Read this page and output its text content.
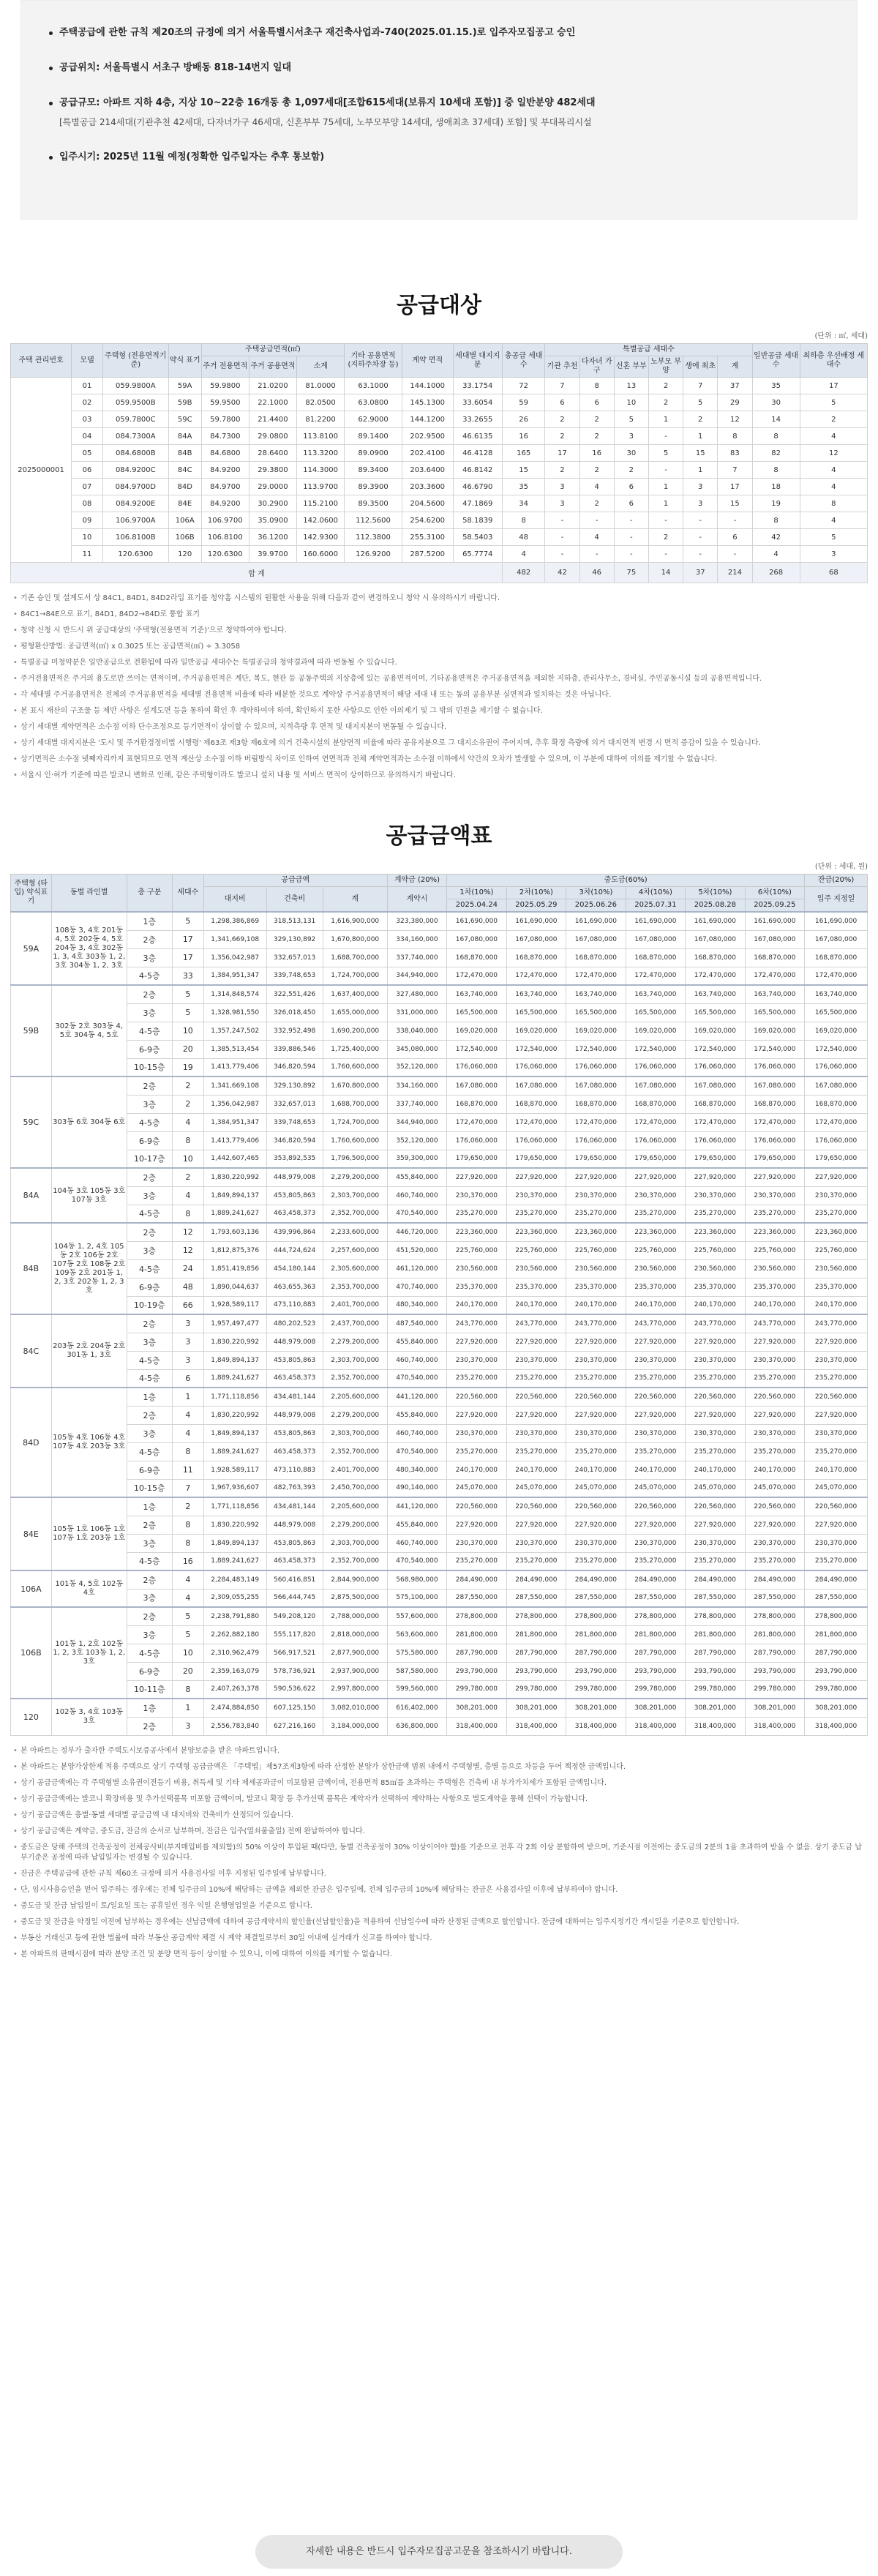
주택공급에 관한 규칙 제20조의 규정에 의거 서울특별시서초구 재건축사업과-740(2025.01.15.)로 입주자모집공고 승인
공급위치: 서울특별시 서초구 방배동 818-14번지 일대
공급규모: 아파트 지하 4층, 지상 10~22층 16개동 총 1,097세대[조합615세대(보류지 10세대 포함)] 중 일반분양 482세대
[특별공급 214세대(기관추천 42세대, 다자녀가구 46세대, 신혼부부 75세대, 노부모부양 14세대, 생애최초 37세대) 포함] 및 부대복리시설
입주시기: 2025년 11월 예정(정확한 입주일자는 추후 통보함)
공급대상
(단위 : ㎡, 세대)
주택 관리번호	모델	주택형 (전용면적기준)	약식 표기	주택공급면적(㎡)			기타 공용면적 (지하주차장 등)	계약 면적	세대별 대지지분	총공급 세대수	특별공급 세대수						일반공급 세대수	최하층 우선배정 세대수
				주거 전용면적	주거 공용면적	소계					기관 추천	다자녀 가구	신혼 부부	노부모 부양	생애 최초	계		
2025000001	01	059.9800A	59A	59.9800	21.0200	81.0000	63.1000	144.1000	33.1754	72	7	8	13	2	7	37	35	17
	02	059.9500B	59B	59.9500	22.1000	82.0500	63.0800	145.1300	33.6054	59	6	6	10	2	5	29	30	5
	03	059.7800C	59C	59.7800	21.4400	81.2200	62.9000	144.1200	33.2655	26	2	2	5	1	2	12	14	2
	04	084.7300A	84A	84.7300	29.0800	113.8100	89.1400	202.9500	46.6135	16	2	2	3	-	1	8	8	4
	05	084.6800B	84B	84.6800	28.6400	113.3200	89.0900	202.4100	46.4128	165	17	16	30	5	15	83	82	12
	06	084.9200C	84C	84.9200	29.3800	114.3000	89.3400	203.6400	46.8142	15	2	2	2	-	1	7	8	4
	07	084.9700D	84D	84.9700	29.0000	113.9700	89.3900	203.3600	46.6790	35	3	4	6	1	3	17	18	4
	08	084.9200E	84E	84.9200	30.2900	115.2100	89.3500	204.5600	47.1869	34	3	2	6	1	3	15	19	8
	09	106.9700A	106A	106.9700	35.0900	142.0600	112.5600	254.6200	58.1839	8	-	-	-	-	-	-	8	4
	10	106.8100B	106B	106.8100	36.1200	142.9300	112.3800	255.3100	58.5403	48	-	4	-	2	-	6	42	5
	11	120.6300	120	120.6300	39.9700	160.6000	126.9200	287.5200	65.7774	4	-	-	-	-	-	-	4	3
합 계										482	42	46	75	14	37	214	268	68
• 기존 승인 및 설계도서 상 84C1, 84D1, 84D2라입 표기를 청약홈 시스템의 원활한 사용을 위해 다음과 같이 변경하오니 청약 시 유의하시기 바랍니다.
• 84C1→84E으로 표기, 84D1, 84D2→84D로 통합 표기
• 청약 신청 시 반드시 위 공급대상의 '주택형(전용면적 기준)'으로 청약하여야 합니다.
• 평형환산방법: 공급면적(㎡) x 0.3025 또는 공급면적(㎡) ÷ 3.3058
• 특별공급 미청약분은 일반공급으로 전환됨에 따라 일반공급 세대수는 특별공급의 청약결과에 따라 변동될 수 있습니다.
• 주거전용면적은 주거의 용도로만 쓰이는 면적이며, 주거공용면적은 계단, 복도, 현관 등 공동주택의 지상층에 있는 공용면적이며, 기타공용면적은 주거공용면적을 제외한 지하층, 관리사무소, 경비실, 주민공동시설 등의 공용면적입니다.
• 각 세대별 주거공용면적은 전체의 주거공용면적을 세대별 전용면적 비율에 따라 배분한 것으로 계약상 주거공용면적이 해당 세대 내 또는 동의 공용부분 실면적과 일치하는 것은 아닙니다.
• 본 표시 재산의 구조물 등 제반 사항은 설계도면 등을 통하여 확인 후 계약하여야 하며, 확인하지 못한 사항으로 인한 이의제기 및 그 밖의 민원을 제기할 수 없습니다.
• 상기 세대별 계약면적은 소수점 이하 단수조정으로 등기면적이 상이할 수 있으며, 지적측량 후 면적 및 대지지분이 변동될 수 있습니다.
• 상기 세대별 대지지분은 '도시 및 주거환경정비법 시행령' 제63조 제3항 제6호에 의거 건축시설의 분양면적 비율에 따라 공유지분으로 그 대지소유권이 주어지며, 추후 확정 측량에 의거 대지면적 변경 시 면적 증감이 있을 수 있습니다.
• 상기면적은 소수점 넷째자리까지 표현되므로 면적 계산상 소수점 이하 버림방식 차이로 인하여 연면적과 전체 계약면적과는 소수점 이하에서 약간의 오차가 발생할 수 있으며, 이 부분에 대하여 이의를 제기할 수 없습니다.
• 서울시 인·허가 기준에 따른 발코니 변화로 인해, 같은 주택형이라도 발코니 설치 내용 및 서비스 면적이 상이하므로 유의하시기 바랍니다.
공급금액표
(단위 : 세대, 원)
주택형 (타입) 약식표기	동별 라인별	층 구분	세대수	공급금액			계약금 (20%)	중도금(60%)						잔금(20%)
				대지비	건축비	계	계약시	1차(10%)	2차(10%)	3차(10%)	4차(10%)	5차(10%)	6차(10%)	입주 지정일
								2025.04.24	2025.05.29	2025.06.26	2025.07.31	2025.08.28	2025.09.25	
59A	108동 3, 4호 201동 4, 5호 202동 4, 5호 204동 3, 4호 302동 1, 3, 4호 303동 1, 2, 3호 304동 1, 2, 3호	1층	5	1,298,386,869	318,513,131	1,616,900,000	323,380,000	161,690,000	161,690,000	161,690,000	161,690,000	161,690,000	161,690,000	161,690,000
		2층	17	1,341,669,108	329,130,892	1,670,800,000	334,160,000	167,080,000	167,080,000	167,080,000	167,080,000	167,080,000	167,080,000	167,080,000
		3층	17	1,356,042,987	332,657,013	1,688,700,000	337,740,000	168,870,000	168,870,000	168,870,000	168,870,000	168,870,000	168,870,000	168,870,000
		4-5층	33	1,384,951,347	339,748,653	1,724,700,000	344,940,000	172,470,000	172,470,000	172,470,000	172,470,000	172,470,000	172,470,000	172,470,000
59B	302동 2호 303동 4, 5호 304동 4, 5호	2층	5	1,314,848,574	322,551,426	1,637,400,000	327,480,000	163,740,000	163,740,000	163,740,000	163,740,000	163,740,000	163,740,000	163,740,000
		3층	5	1,328,981,550	326,018,450	1,655,000,000	331,000,000	165,500,000	165,500,000	165,500,000	165,500,000	165,500,000	165,500,000	165,500,000
		4-5층	10	1,357,247,502	332,952,498	1,690,200,000	338,040,000	169,020,000	169,020,000	169,020,000	169,020,000	169,020,000	169,020,000	169,020,000
		6-9층	20	1,385,513,454	339,886,546	1,725,400,000	345,080,000	172,540,000	172,540,000	172,540,000	172,540,000	172,540,000	172,540,000	172,540,000
		10-15층	19	1,413,779,406	346,820,594	1,760,600,000	352,120,000	176,060,000	176,060,000	176,060,000	176,060,000	176,060,000	176,060,000	176,060,000
59C	303동 6호 304동 6호	2층	2	1,341,669,108	329,130,892	1,670,800,000	334,160,000	167,080,000	167,080,000	167,080,000	167,080,000	167,080,000	167,080,000	167,080,000
		3층	2	1,356,042,987	332,657,013	1,688,700,000	337,740,000	168,870,000	168,870,000	168,870,000	168,870,000	168,870,000	168,870,000	168,870,000
		4-5층	4	1,384,951,347	339,748,653	1,724,700,000	344,940,000	172,470,000	172,470,000	172,470,000	172,470,000	172,470,000	172,470,000	172,470,000
		6-9층	8	1,413,779,406	346,820,594	1,760,600,000	352,120,000	176,060,000	176,060,000	176,060,000	176,060,000	176,060,000	176,060,000	176,060,000
		10-17층	10	1,442,607,465	353,892,535	1,796,500,000	359,300,000	179,650,000	179,650,000	179,650,000	179,650,000	179,650,000	179,650,000	179,650,000
84A	104동 3호 105동 3호 107동 3호	2층	2	1,830,220,992	448,979,008	2,279,200,000	455,840,000	227,920,000	227,920,000	227,920,000	227,920,000	227,920,000	227,920,000	227,920,000
		3층	4	1,849,894,137	453,805,863	2,303,700,000	460,740,000	230,370,000	230,370,000	230,370,000	230,370,000	230,370,000	230,370,000	230,370,000
		4-5층	8	1,889,241,627	463,458,373	2,352,700,000	470,540,000	235,270,000	235,270,000	235,270,000	235,270,000	235,270,000	235,270,000	235,270,000
84B	104동 1, 2, 4호 105동 2호 106동 2호 107동 2호 108동 2호 109동 2호 201동 1, 2, 3호 202동 1, 2, 3호	2층	12	1,793,603,136	439,996,864	2,233,600,000	446,720,000	223,360,000	223,360,000	223,360,000	223,360,000	223,360,000	223,360,000	223,360,000
		3층	12	1,812,875,376	444,724,624	2,257,600,000	451,520,000	225,760,000	225,760,000	225,760,000	225,760,000	225,760,000	225,760,000	225,760,000
		4-5층	24	1,851,419,856	454,180,144	2,305,600,000	461,120,000	230,560,000	230,560,000	230,560,000	230,560,000	230,560,000	230,560,000	230,560,000
		6-9층	48	1,890,044,637	463,655,363	2,353,700,000	470,740,000	235,370,000	235,370,000	235,370,000	235,370,000	235,370,000	235,370,000	235,370,000
		10-19층	66	1,928,589,117	473,110,883	2,401,700,000	480,340,000	240,170,000	240,170,000	240,170,000	240,170,000	240,170,000	240,170,000	240,170,000
84C	203동 2호 204동 2호 301동 1, 3호	2층	3	1,957,497,477	480,202,523	2,437,700,000	487,540,000	243,770,000	243,770,000	243,770,000	243,770,000	243,770,000	243,770,000	243,770,000
		3층	3	1,830,220,992	448,979,008	2,279,200,000	455,840,000	227,920,000	227,920,000	227,920,000	227,920,000	227,920,000	227,920,000	227,920,000
		4-5층	3	1,849,894,137	453,805,863	2,303,700,000	460,740,000	230,370,000	230,370,000	230,370,000	230,370,000	230,370,000	230,370,000	230,370,000
		4-5층	6	1,889,241,627	463,458,373	2,352,700,000	470,540,000	235,270,000	235,270,000	235,270,000	235,270,000	235,270,000	235,270,000	235,270,000
84D	105동 4호 106동 4호 107동 4호 203동 3호	1층	1	1,771,118,856	434,481,144	2,205,600,000	441,120,000	220,560,000	220,560,000	220,560,000	220,560,000	220,560,000	220,560,000	220,560,000
		2층	4	1,830,220,992	448,979,008	2,279,200,000	455,840,000	227,920,000	227,920,000	227,920,000	227,920,000	227,920,000	227,920,000	227,920,000
		3층	4	1,849,894,137	453,805,863	2,303,700,000	460,740,000	230,370,000	230,370,000	230,370,000	230,370,000	230,370,000	230,370,000	230,370,000
		4-5층	8	1,889,241,627	463,458,373	2,352,700,000	470,540,000	235,270,000	235,270,000	235,270,000	235,270,000	235,270,000	235,270,000	235,270,000
		6-9층	11	1,928,589,117	473,110,883	2,401,700,000	480,340,000	240,170,000	240,170,000	240,170,000	240,170,000	240,170,000	240,170,000	240,170,000
		10-15층	7	1,967,936,607	482,763,393	2,450,700,000	490,140,000	245,070,000	245,070,000	245,070,000	245,070,000	245,070,000	245,070,000	245,070,000
84E	105동 1호 106동 1호 107동 1호 203동 1호	1층	2	1,771,118,856	434,481,144	2,205,600,000	441,120,000	220,560,000	220,560,000	220,560,000	220,560,000	220,560,000	220,560,000	220,560,000
		2층	8	1,830,220,992	448,979,008	2,279,200,000	455,840,000	227,920,000	227,920,000	227,920,000	227,920,000	227,920,000	227,920,000	227,920,000
		3층	8	1,849,894,137	453,805,863	2,303,700,000	460,740,000	230,370,000	230,370,000	230,370,000	230,370,000	230,370,000	230,370,000	230,370,000
		4-5층	16	1,889,241,627	463,458,373	2,352,700,000	470,540,000	235,270,000	235,270,000	235,270,000	235,270,000	235,270,000	235,270,000	235,270,000
106A	101동 4, 5호 102동 4호	2층	4	2,284,483,149	560,416,851	2,844,900,000	568,980,000	284,490,000	284,490,000	284,490,000	284,490,000	284,490,000	284,490,000	284,490,000
		3층	4	2,309,055,255	566,444,745	2,875,500,000	575,100,000	287,550,000	287,550,000	287,550,000	287,550,000	287,550,000	287,550,000	287,550,000
106B	101동 1, 2호 102동 1, 2, 3호 103동 1, 2, 3호	2층	5	2,238,791,880	549,208,120	2,788,000,000	557,600,000	278,800,000	278,800,000	278,800,000	278,800,000	278,800,000	278,800,000	278,800,000
		3층	5	2,262,882,180	555,117,820	2,818,000,000	563,600,000	281,800,000	281,800,000	281,800,000	281,800,000	281,800,000	281,800,000	281,800,000
		4-5층	10	2,310,962,479	566,917,521	2,877,900,000	575,580,000	287,790,000	287,790,000	287,790,000	287,790,000	287,790,000	287,790,000	287,790,000
		6-9층	20	2,359,163,079	578,736,921	2,937,900,000	587,580,000	293,790,000	293,790,000	293,790,000	293,790,000	293,790,000	293,790,000	293,790,000
		10-11층	8	2,407,263,378	590,536,622	2,997,800,000	599,560,000	299,780,000	299,780,000	299,780,000	299,780,000	299,780,000	299,780,000	299,780,000
120	102동 3, 4호 103동 3호	1층	1	2,474,884,850	607,125,150	3,082,010,000	616,402,000	308,201,000	308,201,000	308,201,000	308,201,000	308,201,000	308,201,000	308,201,000
		2층	3	2,556,783,840	627,216,160	3,184,000,000	636,800,000	318,400,000	318,400,000	318,400,000	318,400,000	318,400,000	318,400,000	318,400,000
• 본 아파트는 정부가 출자한 주택도시보증공사에서 분양보증을 받은 아파트입니다.
• 본 아파트는 분양가상한제 적용 주택으로 상기 주택형 공급금액은 「주택법」제57조제3항에 따라 산정한 분양가 상한금액 범위 내에서 주택형별, 층별 등으로 차등을 두어 책정한 금액입니다.
• 상기 공급금액에는 각 주택형별 소유권이전등기 비용, 취득세 및 기타 제세공과금이 미포함된 금액이며, 전용면적 85㎡를 초과하는 주택형은 건축비 내 부가가치세가 포함된 금액입니다.
• 상기 공급금액에는 발코니 확장비용 및 추가선택품목 미포함 금액이며, 발코니 확장 등 추가선택 품목은 계약자가 선택하여 계약하는 사항으로 별도계약을 통해 선택이 가능합니다.
• 상기 공급금액은 층별·동별 세대별 공급금액 내 대지비와 건축비가 산정되어 있습니다.
• 상기 공급금액은 계약금, 중도금, 잔금의 순서로 납부하며, 잔금은 입주(열쇠불출일) 전에 완납하여야 합니다.
• 중도금은 당해 주택의 건축공정이 전체공사비(부지매입비를 제외함)의 50% 이상이 투입된 때(다만, 동별 건축공정이 30% 이상이어야 함)를 기준으로 전후 각 2회 이상 분할하여 받으며, 기준시점 이전에는 중도금의 2분의 1을 초과하여 받을 수 없음. 상기 중도금 납부기준은 공정에 따라 납입일자는 변경될 수 있습니다.
• 잔금은 주택공급에 관한 규칙 제60조 규정에 의거 사용검사일 이후 지정된 입주일에 납부합니다.
• 단, 임시사용승인을 얻어 입주하는 경우에는 전체 입주금의 10%에 해당하는 금액을 제외한 잔금은 입주일에, 전체 입주금의 10%에 해당하는 잔금은 사용검사일 이후에 납부하여야 합니다.
• 중도금 및 잔금 납입일이 토/일요일 또는 공휴일인 경우 익일 은행영업일을 기준으로 합니다.
• 중도금 및 잔금을 약정일 이전에 납부하는 경우에는 선납금액에 대하여 공급계약서의 할인율(선납할인율)을 적용하여 선납일수에 따라 산정된 금액으로 할인합니다. 잔금에 대하여는 입주지정기간 개시일을 기준으로 할인합니다.
• 부동산 거래신고 등에 관한 법률에 따라 부동산 공급계약 체결 시 계약 체결일로부터 30일 이내에 실거래가 신고를 하여야 합니다.
• 본 아파트의 판매시점에 따라 분양 조건 및 분양 면적 등이 상이할 수 있으니, 이에 대하여 이의를 제기할 수 없습니다.
자세한 내용은 반드시 입주자모집공고문을 참조하시기 바랍니다.
